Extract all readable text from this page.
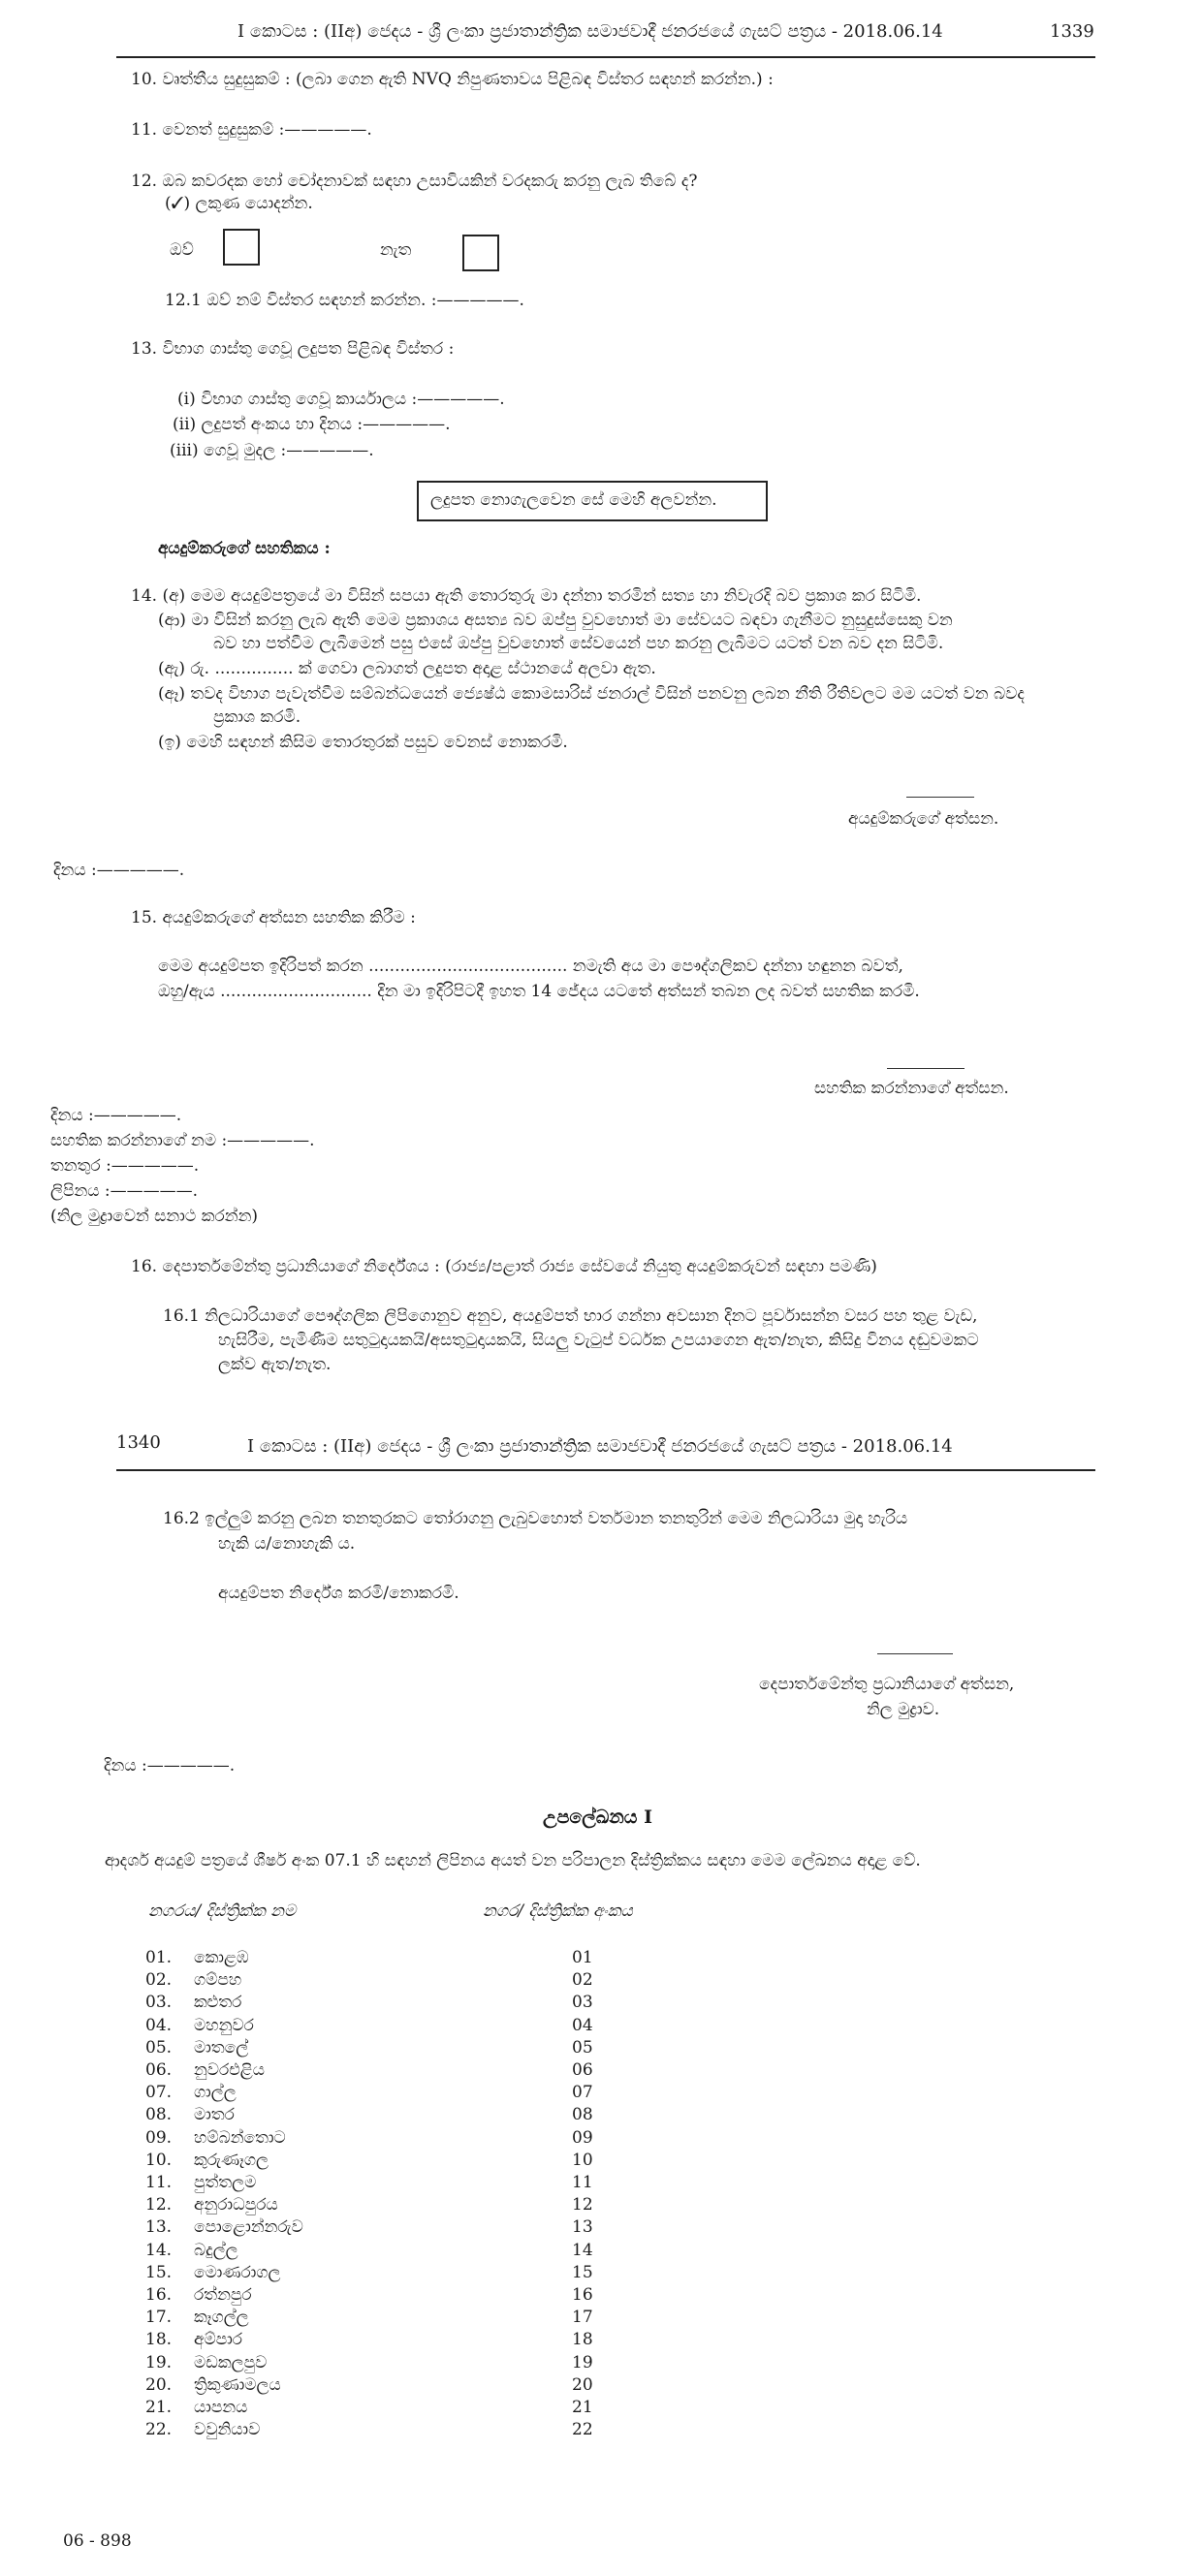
I කොටස : (IIඅ) ජෙදය - ශ්‍රී ලංකා ප්‍රජාතාන්ත්‍රික සමාජවාදී ජනරජයේ ගැසට් පත්‍රය - 2018.06.14	1339
10. වෘත්තීය සුදුසුකම් : (ලබා ගෙන ඇති NVQ නිපුණතාවය පිළිබඳ විස්තර සඳහන් කරන්න.) :
11. වෙනත් සුදුසුකම් :—————.
12. ඔබ කවරදක හෝ චෝදනාවක් සඳහා උසාවියකින් වරදකරු කරනු ලැබ තිබේ ද?
(✓) ලකුණ යොදන්න.
ඔව්	නැත
12.1 ඔව් නම් විස්තර සඳහන් කරන්න. :—————.
13. විභාග ගාස්තු ගෙවූ ලදුපත පිළිබඳ විස්තර :
(i) විභාග ගාස්තු ගෙවූ කාර්යාලය :—————.
(ii) ලදුපත් අංකය හා දිනය :—————.
(iii) ගෙවූ මුදල :—————.
ලදුපත නොගැලවෙන සේ මෙහි අලවන්න.
අයදුම්කරුගේ සහතිකය :
14. (අ) මෙම අයදුම්පත්‍රයේ මා විසින් සපයා ඇති තොරතුරු මා දන්නා තරමින් සත්‍ය හා නිවැරදි බව ප්‍රකාශ කර සිටිමි.
(ආ) මා විසින් කරනු ලැබ ඇති මෙම ප්‍රකාශය අසත්‍ය බව ඔප්පු වුවහොත් මා සේවයට බඳවා ගැනීමට නුසුදුස්සෙකු වන
බව හා පත්වීම ලැබීමෙන් පසු එසේ ඔප්පු වුවහොත් සේවයෙන් පහ කරනු ලැබීමට යටත් වන බව දන සිටිමි.
(ඇ) රු. ............... ක් ගෙවා ලබාගත් ලදුපත අදාළ ස්ථානයේ අලවා ඇත.
(ඈ) තවද විභාග පැවැත්වීම සම්බන්ධයෙන් ජ්‍යෙෂ්ඨ කොමසාරිස් ජනරාල් විසින් පනවනු ලබන නීති රීතිවලට මම යටත් වන බවද
ප්‍රකාශ කරමි.
(ඉ) මෙහි සඳහන් කිසිම තොරතුරක් පසුව වෙනස් නොකරමි.
අයදුම්කරුගේ අත්සන.
දිනය :—————.
15. අයදුම්කරුගේ අත්සන සහතික කිරීම :
මෙම අයදුම්පත ඉදිරිපත් කරන ...................................... නමැති අය මා පෞද්ගලිකව දන්නා හඳුනන බවත්,
ඔහු/ඇය ............................. දින මා ඉදිරිපිටදී ඉහත 14 ජේදය යටතේ අත්සන් තබන ලද බවත් සහතික කරමි.
සහතික කරන්නාගේ අත්සන.
දිනය :—————.
සහතික කරන්නාගේ නම :—————.
තනතුර :—————.
ලිපිනය :—————.
(නිල මුද්‍රාවෙන් සනාථ කරන්න)
16. දෙපාර්තමේන්තු ප්‍රධානියාගේ නිර්දේශය : (රාජ්‍ය/පළාත් රාජ්‍ය සේවයේ නියුතු අයදුම්කරුවන් සඳහා පමණි)
16.1 නිලධාරියාගේ පෞද්ගලික ලිපිගොනුව අනුව, අයදුම්පත් භාර ගන්නා අවසාන දිනට පූර්වාසන්න වසර පහ තුළ වැඩ,
හැසිරීම, පැමිණීම සතුටුදායකයි/අසතුටුදායකයි, සියලු වැටුප් වර්ධක උපයාගෙන ඇත/නැත, කිසිදු විනය දඬුවමකට
ලක්ව ඇත/නැත.
1340	I කොටස : (IIඅ) ජෙදය - ශ්‍රී ලංකා ප්‍රජාතාන්ත්‍රික සමාජවාදී ජනරජයේ ගැසට් පත්‍රය - 2018.06.14
16.2 ඉල්ලුම් කරනු ලබන තනතුරකට තෝරාගනු ලැබුවහොත් වර්තමාන තනතුරින් මෙම නිලධාරියා මුදා හැරිය
හැකි ය/නොහැකි ය.
අයදුම්පත නිර්දේශ කරමි/නොකරමි.
දෙපාර්තමේන්තු ප්‍රධානියාගේ අත්සන,
නිල මුද්‍රාව.
දිනය :—————.
උපලේඛනය I
ආදර්ශ අයදුම් පත්‍රයේ ශීර්ෂ අංක 07.1 හි සඳහන් ලිපිනය අයත් වන පරිපාලන දිස්ත්‍රික්කය සඳහා මෙම ලේඛනය අදාළ වේ.
නගරය/ දිස්ත්‍රික්ක නම	නගර/ දිස්ත්‍රික්ක අංකය
01. කොළඹ	01
02. ගම්පහ	02
03. කළුතර	03
04. මහනුවර	04
05. මාතලේ	05
06. නුවරඑළිය	06
07. ගාල්ල	07
08. මාතර	08
09. හම්බන්තොට	09
10. කුරුණෑගල	10
11. පුත්තලම	11
12. අනුරාධපුරය	12
13. පොළොන්නරුව	13
14. බදුල්ල	14
15. මොණරාගල	15
16. රත්නපුර	16
17. කෑගල්ල	17
18. අම්පාර	18
19. මඩකලපුව	19
20. ත්‍රිකුණාමලය	20
21. යාපනය	21
22. වවුනියාව	22
06 - 898
